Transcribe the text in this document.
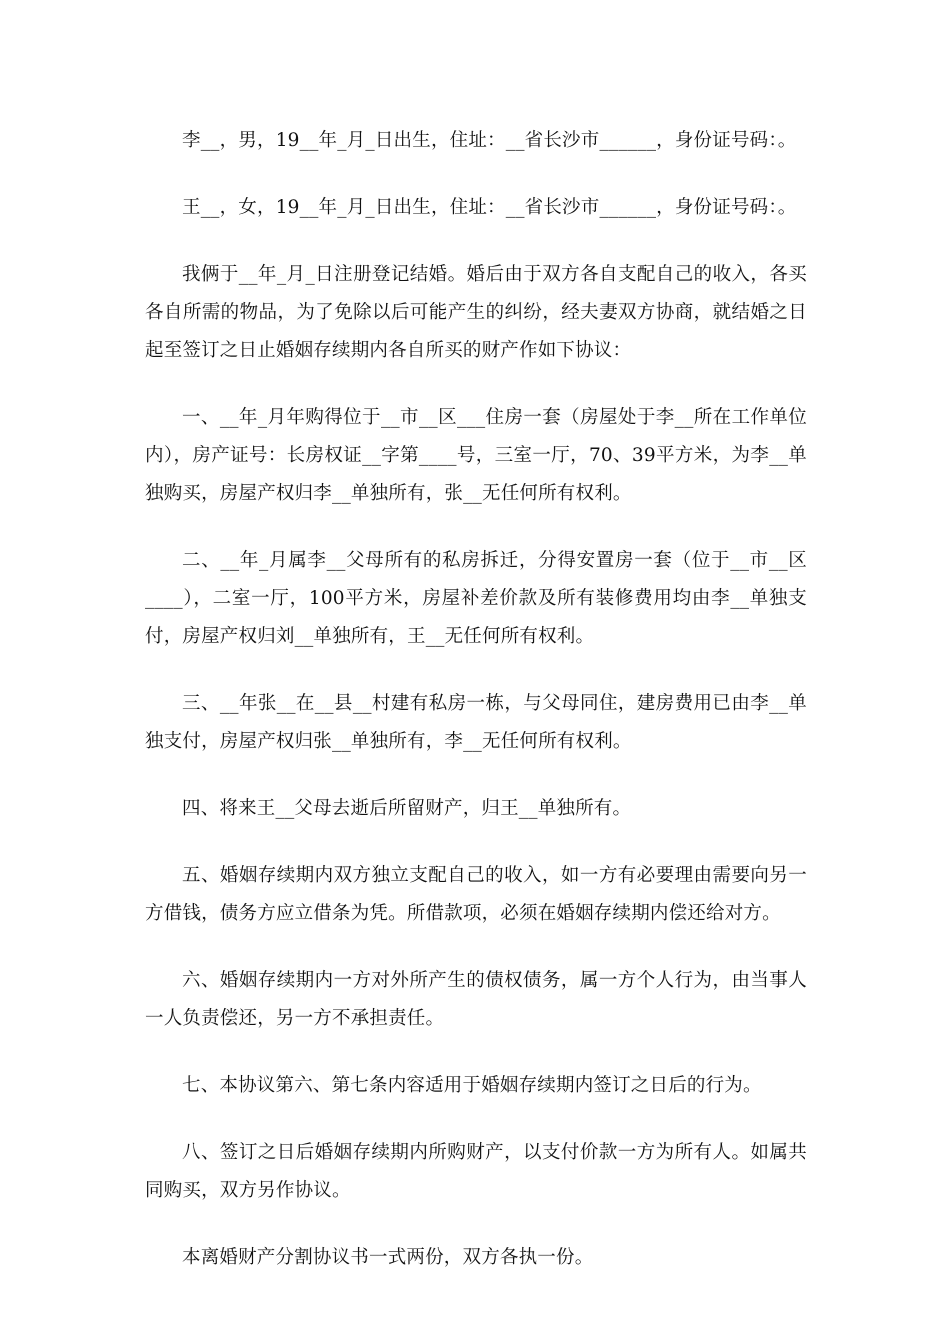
李__，男，19__年_月_日出生，住址：__省长沙市______，身份证号码：。

王__，女，19__年_月_日出生，住址：__省长沙市______，身份证号码：。

我俩于__年_月_日注册登记结婚。婚后由于双方各自支配自己的收入，各买各自所需的物品，为了免除以后可能产生的纠纷，经夫妻双方协商，就结婚之日起至签订之日止婚姻存续期内各自所买的财产作如下协议：

一、__年_月年购得位于__市__区___住房一套（房屋处于李__所在工作单位内），房产证号：长房权证__字第____号，三室一厅，70、39平方米，为李__单独购买，房屋产权归李__单独所有，张__无任何所有权利。

二、__年_月属李__父母所有的私房拆迁，分得安置房一套（位于__市__区____），二室一厅，100平方米，房屋补差价款及所有装修费用均由李__单独支付，房屋产权归刘__单独所有，王__无任何所有权利。

三、__年张__在__县__村建有私房一栋，与父母同住，建房费用已由李__单独支付，房屋产权归张__单独所有，李__无任何所有权利。

四、将来王__父母去逝后所留财产，归王__单独所有。

五、婚姻存续期内双方独立支配自己的收入，如一方有必要理由需要向另一方借钱，债务方应立借条为凭。所借款项，必须在婚姻存续期内偿还给对方。

六、婚姻存续期内一方对外所产生的债权债务，属一方个人行为，由当事人一人负责偿还，另一方不承担责任。

七、本协议第六、第七条内容适用于婚姻存续期内签订之日后的行为。

八、签订之日后婚姻存续期内所购财产，以支付价款一方为所有人。如属共同购买，双方另作协议。

本离婚财产分割协议书一式两份，双方各执一份。
